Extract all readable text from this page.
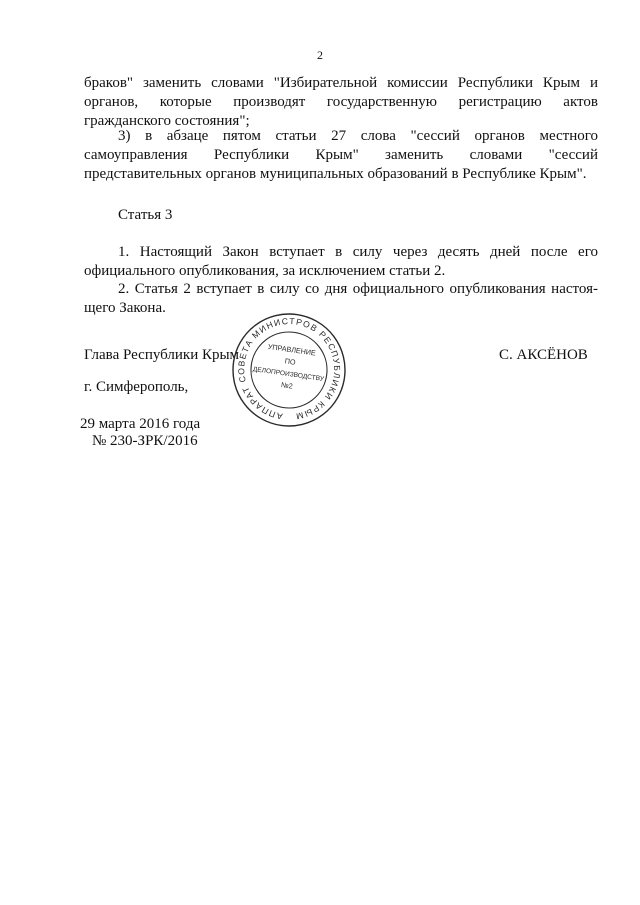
2
браков" заменить словами "Избирательной комиссии Республики Крым и органов, которые производят государственную регистрацию актов гражданского состояния";
3) в абзаце пятом статьи 27 слова "сессий органов местного самоуправления Республики Крым" заменить словами "сессий представительных органов муниципальных образований в Республике Крым".
Статья 3
1. Настоящий Закон вступает в силу через десять дней после его официального опубликования, за исключением статьи 2.
2. Статья 2 вступает в силу со дня официального опубликования настоя-щего Закона.
Глава Республики Крым	С. АКСЁНОВ
г. Симферополь,
29 марта 2016 года
№ 230-ЗРК/2016
АППАРАТ СОВЕТА МИНИСТРОВ РЕСПУБЛИКИ КРЫМ
УПРАВЛЕНИЕ
ПО
ДЕЛОПРОИЗВОДСТВУ
№2
